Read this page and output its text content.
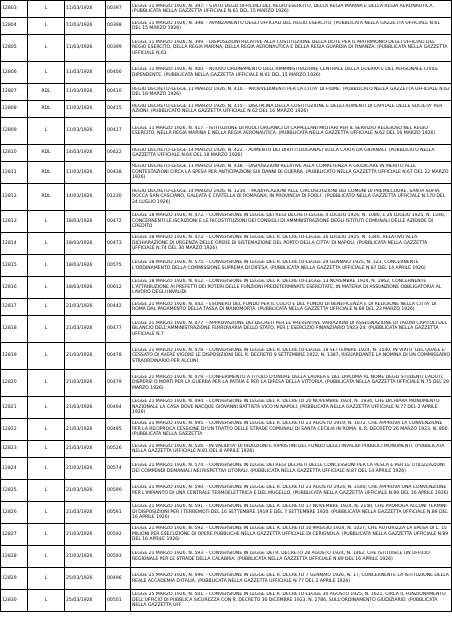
12803	L	11/03/1926	00397	LEGGE 11 MARZO 1926, N. 397. - STATO DEGLI UFFICIALI DEL REGIO ESERCITO, DELLA REGIA MARINA E DELLA REGIA AERONAUTICA. (PUBBLICATA NELLA GAZZETTA UFFICIALE N.61 DEL 15 MARZO 1926)

12804	L	11/03/1926	00398	LEGGE 11 MARZO 1926, N. 398. - AVANZAMENTO DEGLI UFFICIALI DEL REGIO ESERCITO. (PUBBLICATA NELLA GAZZETTA UFFICIALE N.61 DEL 15 MARZO 1926)

12805	L	11/03/1926	00399	LEGGE 11 MARZO 1926, N. 399. - DISPOSIZIONI RELATIVE ALLA COSTITUZIONE DELLA DOTE PER IL MATRIMONIO DEGLI UFFICIALI DEL REGIO ESERCITO, DELLA REGIA MARINA, DELLA REGIA AERONAUTICA E DELLA REGIA GUARDIA DI FINANZA. (PUBBLICATA NELLA GAZZETTA UFFICIALE N.61

12806	L	11/03/1926	00400	LEGGE 11 MARZO 1926, N. 400. - NUOVO ORDINAMENTO DELL'AMMINISTRAZIONE CENTRALE DELLA GUERRA E DEL PERSONALE CIVILE DIPENDENTE. (PUBBLICATA NELLA GAZZETTA UFFICIALE N.61 DEL 15 MARZO 1926)

12807	RDL	11/03/1926	00410	REGIO DECRETO-LEGGE 11 MARZO 1926, N. 410. - PROVVEDIMENTI PER LA CITTA' DI FIUME. (PUBBLICATO NELLA GAZZETTA UFFICIALE N.62 DEL 16 MARZO 1926)

12808	RDL	11/03/1926	00415	REGIO DECRETO-LEGGE 11 MARZO 1926, N. 415. - DISCIPLINA DELLA COSTITUZIONE E DEGLI AUMENTI DI CAPITALE DELLE SOCIETA' PER AZIONI. (PUBBLICATO NELLA GAZZETTA UFFICIALE N.62 DEL 16 MARZO 1926)

12809	L	11/03/1926	00417	LEGGE 11 MARZO 1926, N. 417. - ISTITUZIONE DI RUOLI ORGANICI DI CAPPELLANI MILITARI PER IL SERVIZIO RELIGIOSO NEL REGIO ESERCITO, NELLA REGIA MARINA E NELLA REGIA AERONAUTICA. (PUBBLICATA NELLA GAZZETTA UFFICIALE N.62 DEL 16 MARZO 1926)

12810	RDL	14/03/1926	00422	REGIO DECRETO-LEGGE 14 MARZO 1926, N. 422. - AUMENTO DEI DIRITTI DOGANALI SULLA CARTA DA GIORNALI. (PUBBLICATO NELLA GAZZETTA UFFICIALE N.64 DEL 18 MARZO 1926)

12811	RDL	11/03/1926	00438	REGIO DECRETO-LEGGE 11 MARZO 1926, N. 438. - DISPOSIZIONI RELATIVE ALLA COMPETENZA A GIUDICARE IN MERITO ALLE CONTESTAZIONI CIRCA LA SPESA PER ANTICIPAZIONI SUI DANNI DI GUERRA. (PUBBLICATO NELLA GAZZETTA UFFICIALE N.67 DEL 22 MARZO 1926)

12812	RDL	14/03/1926	01230	REGIO DECRETO-LEGGE 14 MARZO 1926, N. 1230. - MODIFICAZIONI ALLE CIRCOSCRIZIONI DEI COMUNI DI PREMILCUORE, SANTA SOFIA, ROCCA SAN CASCIANO, GALEATA E CIVITELLA DI ROMAGNA, IN PROVINCIA DI FORLI'. (PUBBLICATO NELLA GAZZETTA UFFICIALE N.170 DEL 24 LUGLIO 1926)

12813	L	18/03/1926	00472	LEGGE 18 MARZO 1926, N. 472. - CONVERSIONE IN LEGGE DEI REGI DECRETI-LEGGE 4 LUGLIO 1926, N. 1080, E 26 LUGLIO 1925, N. 1246, CONCERNENTI LE ISCRIZIONI E LE RICOSTITUZIONI DEI CONSIGLI DI AMMINISTRAZIONE DEGLI ISTITUTI COMUNALI DELLE AZIENDE DI CREDITO

12814	L	18/03/1926	00473	LEGGE 18 MARZO 1926, N. 473. - CONVERSIONE IN LEGGE DEL R. DECRETO-LEGGE 26 LUGLIO 1925, N. 1346, RELATIVO ALLA DICHIARAZIONE DI URGENZA DELLE OPERE DI SISTEMAZIONE DEL PORTO DELLA CITTA' DI NAPOLI. (PUBBLICATA NELLA GAZZETTA UFFICIALE N.74 DEL 30 MARZO 1926)

12815	L	18/03/1926	00575	LEGGE 18 MARZO 1926, N. 575. - CONVERSIONE IN LEGGE DEL R. DECRETO-LEGGE 29 GENNAIO 1925, N. 123, CONCERNENTE L'ORDINAMENTO DELLA COMMISSIONE SUPREMA DI DIFESA. (PUBBLICATA NELLA GAZZETTA UFFICIALE N.87 DEL 14 APRILE 1926)

12816	L	18/03/1926	00612	LEGGE 18 MARZO 1926, N. 612. - CONVERSIONE IN LEGGE DEL R. DECRETO-LEGGE 13 NOVEMBRE 1924, N. 1862, CONCERNENTE L'ATTRIBUZIONE AI PREFETTI DEI POTERI DELLE FUNZIONI PREDETERMINATE ESERCITATE, IN MATERIA DI ASSUNZIONE OBBLIGATORIA AL LAVORO DEGLI INVALIDI

12817	L	21/03/1926	00442	LEGGE 21 MARZO 1926, N. 442. - ESONERO DEL FONDO PER IL CULTO E DEL FONDO DI BENEFICENZA E DI RELIGIONE NELLA CITTA' DI ROMA DAL PAGAMENTO DELLA TASSA DI MANOMORTA. (PUBBLICATA NELLA GAZZETTA UFFICIALE N.68 DEL 23 MARZO 1926)

12818	L	21/03/1926	00477	LEGGE 21 MARZO 1926, N. 477. - APPROVAZIONE DEI DECRETI PER LE PREVENTIVE VARIAZIONI DI ASSEGNAZIONE DI TALUNI CAPITOLI DEL BILANCIO DELL'AMMINISTRAZIONE FERROVIARIA DELLO STATO, PER L'ESERCIZIO FINANZIARIO 1923-24. (PUBBLICATA NELLA GAZZETTA UFFICIALE N.7

12819	L	21/03/1926	00478	LEGGE 21 MARZO 1926, N. 478. - CONVERSIONE IN LEGGE DEL R. DECRETO-LEGGE 18 SETTEMBRE 1924, N. 1540, IN VIRTU' DEL QUALE E' CESSATO DI AVERE VIGORE LE DISPOSIZIONI DEL R. DECRETO 9 SETTEMBRE 1922, N. 1387, RIGUARDANTE LA NOMINA DI UN COMMISSARIO STRAORDINARIO PER ALCUNI

12820	L	21/03/1926	00479	LEGGE 21 MARZO 1926, N. 479. - CONFERIMENTO A TITOLO D'ONORE DELLA LAUREA E DEL DIPLOMA AL NOME DEGLI STUDENTI CADUTI, DISPERSI O MORTI PER LA GUERRA PER LA PATRIA E PER LA DIFESA DELLA VITTORIA. (PUBBLICATA NELLA GAZZETTA UFFICIALE N.75 DEL 29 MARZO 1926)

12821	L	21/03/1926	00494	LEGGE 21 MARZO 1926, N. 494. - CONVERSIONE IN LEGGE DEL R. DECRETO 20 NOVEMBRE 1924, N. 1934, CHE DICHIARA MONUMENTO NAZIONALE LA CASA DOVE NACQUE GIOVANNI BATTISTA VICO IN NAPOLI. (PUBBLICATA NELLA GAZZETTA UFFICIALE N.77 DEL 2 APRILE 1926)

12822	L	21/03/1926	00495	LEGGE 21 MARZO 1926, N. 495. - CONVERSIONE IN LEGGE DEL R. DECRETO 23 AGOSTO 1919, N. 1672, CHE APPROVA LA CONVENZIONE PER LA RECIPROCA CESSIONE DI UN TRATTO DELLE STRADE COMUNALI DI SANTA CECILIA IN ROMA. IL R. DECRETO 26 MARZO 1923, N. 800. (PUBBLICATA NELLA GAZZETTA

12823	L	21/03/1926	00526	LEGGE 21 MARZO 1926, N. 526. - IN VALIDITA' DI RIDUZIONI E RIPRISTINI DEL FONDO DEGLI INVALIDI PUBBLICI MONUMENTI. (PUBBLICATA NELLA GAZZETTA UFFICIALE N.81 DEL 8 APRILE 1926)

12824	L	21/03/1926	00574	LEGGE 21 MARZO 1926, N. 574. - CONVERSIONE IN LEGGE DEI REGI DECRETI DELLE CONCESSIONI PER LA PESCA E PER LE UTILIZZAZIONI DEI COMPENDI DEMANIALI NEI RISPETTIVI LITORALI. (PUBBLICATA NELLA GAZZETTA UFFICIALE N.87 DEL 14 APRILE 1926)

12825	L	21/03/1926	00590	LEGGE 21 MARZO 1926, N. 590. - CONVERSIONE IN LEGGE DEL R. DECRETO 23 AGOSTO 1924, N. 1540, CHE APPROVA UNA CONVENZIONE PER L'IMPIANTO DI UNA CENTRALE TERMOELETTRICA E DEL MUGELLO. (PUBBLICATA NELLA GAZZETTA UFFICIALE N.89 DEL 16 APRILE 1926)

12826	L	21/03/1926	00591	LEGGE 21 MARZO 1926, N. 591. - CONVERSIONE IN LEGGE DEL R. DECRETO 17 NOVEMBRE 1924, N. 2140, CHE PROROGA ALCUNI TERMINI DI DISPOSIZIONI PER I TERREMOTI DEL 16 SETTEMBRE 1919 E DEL 7 SETTEMBRE 1920. (PUBBLICATA NELLA GAZZETTA UFFICIALE N.89 DEL 16 APRILE 1926)

12827	L	21/03/1926	00592	LEGGE 21 MARZO 1926, N. 592. - CONVERSIONE IN LEGGE DEL R. DECRETO 10 MAGGIO 1924, N. 1027, CHE AUTORIZZA LA SPESA DI L. 15 MILIONI PER ESECUZIONE DI OPERE PUBBLICHE NELLA GAZZETTA UFFICIALE DI CERIGNOLA. (PUBBLICATA NELLA GAZZETTA UFFICIALE N.89 DEL 16 APRILE 1926)

12828	L	21/03/1926	00593	LEGGE 21 MARZO 1926, N. 593. - CONVERSIONE IN LEGGE DEI R. DECRETO 28 AGOSTO 1924, N. 1462, CHE ISTITUISCE UN UFFICIO REGIONALE PER LE STRADE DELLA CALABRIA. (PUBBLICATA NELLA GAZZETTA UFFICIALE N.89 DEL 16 APRILE 1926)

12829	L	25/03/1926	00496	LEGGE 25 MARZO 1926, N. 496. - CONVERSIONE IN LEGGE DEL R. DECRETO 7 GENNAIO 1926, N. 17, CONCERNENTE LA ISTITUZIONE DELLA REALE ACCADEMIA D'ITALIA. (PUBBLICATA NELLA GAZZETTA UFFICIALE N.77 DEL 2 APRILE 1926)

12830	L	25/03/1926	00501	LEGGE 25 MARZO 1926, N. 501. - CONVERSIONE IN LEGGE DEL R. DECRETO-LEGGE 30 AGOSTO 1925, N. 1621, CIRCA IL FUNZIONAMENTO DELL'UFFICIO DI PUBBLICA SICUREZZA CON R. DECRETO 30 DICEMBRE 1923, N. 2786, SULL'ORDINAMENTO GIUDIZIARIO. (PUBBLICATA NELLA GAZZETTA UFF
